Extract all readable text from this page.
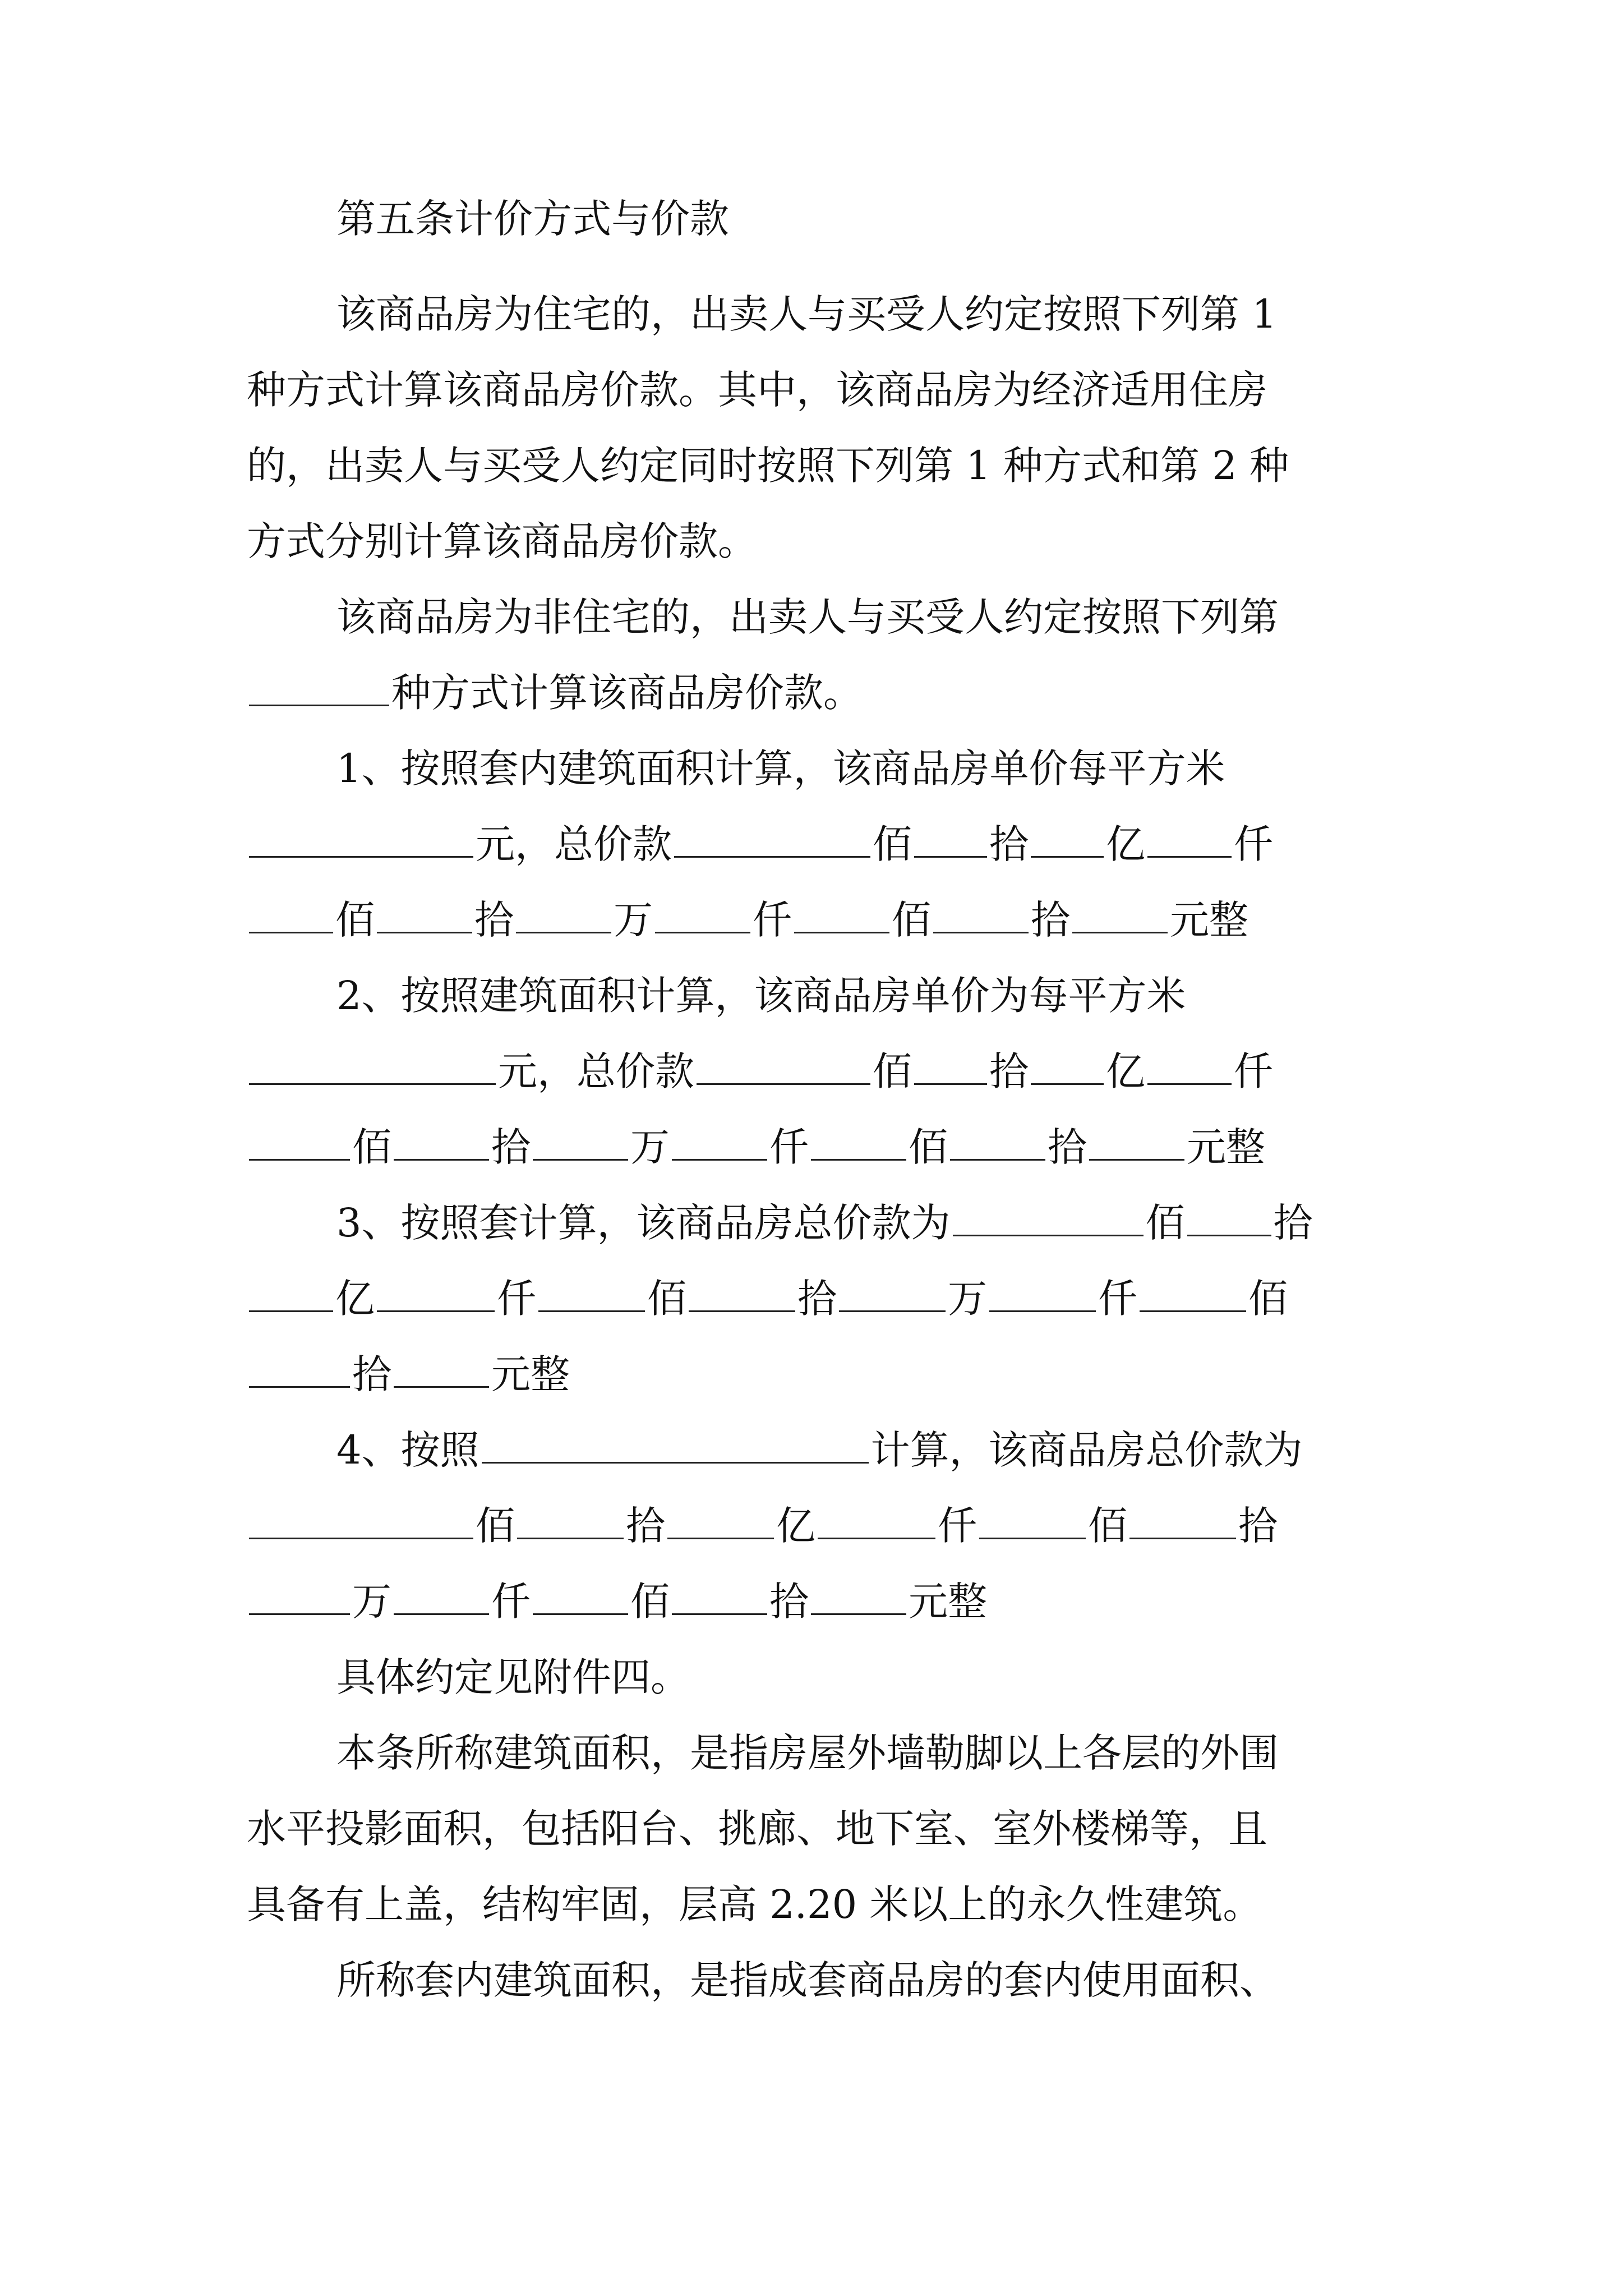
第五条计价方式与价款
该商品房为住宅的，出卖人与买受人约定按照下列第 1
种方式计算该商品房价款。其中，该商品房为经济适用住房
的，出卖人与买受人约定同时按照下列第 1 种方式和第 2 种
方式分别计算该商品房价款。
该商品房为非住宅的，出卖人与买受人约定按照下列第
种方式计算该商品房价款。
1、按照套内建筑面积计算，该商品房单价每平方米
元，总价款	佰 拾 亿 仟
佰	拾	万	仟	佰	拾	元整
2、按照建筑面积计算，该商品房单价为每平方米
元，总价款	佰 拾 亿 仟
佰	拾	万	仟	佰	拾	元整
3、按照套计算，该商品房总价款为	佰 拾
亿	仟	佰	拾	万	仟	佰
拾	元整
4、按照	计算，该商品房总价款为
佰	拾	亿	仟	佰	拾
万	仟	佰	拾	元整
具体约定见附件四。
本条所称建筑面积，是指房屋外墙勒脚以上各层的外围
水平投影面积，包括阳台、挑廊、地下室、室外楼梯等，且
具备有上盖，结构牢固，层高 2.20 米以上的永久性建筑。
所称套内建筑面积，是指成套商品房的套内使用面积、
